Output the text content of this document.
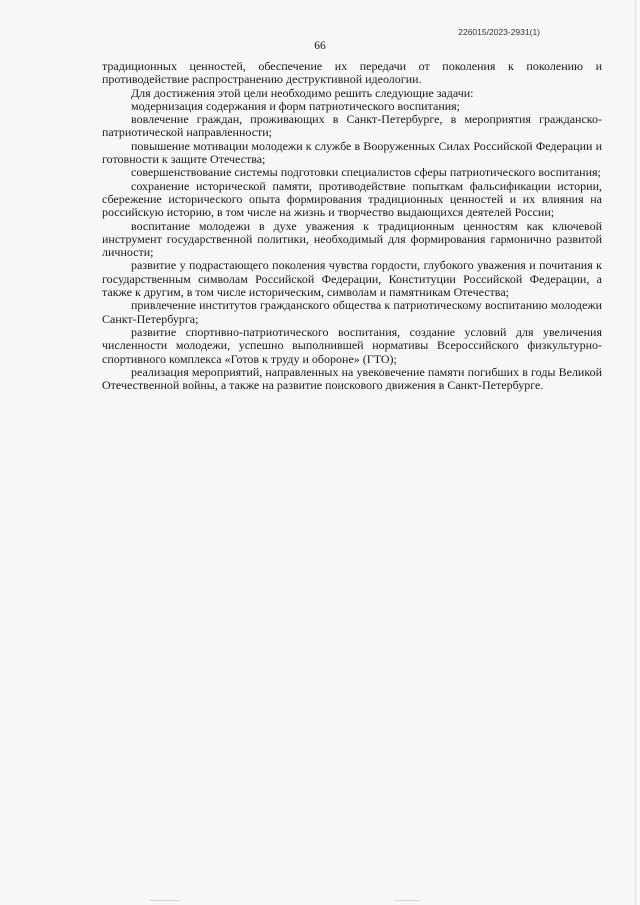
226015/2023-2931(1)
66

традиционных ценностей, обеспечение их передачи от поколения к поколению и противодействие распространению деструктивной идеологии.

Для достижения этой цели необходимо решить следующие задачи:

модернизация содержания и форм патриотического воспитания;

вовлечение граждан, проживающих в Санкт-Петербурге, в мероприятия гражданско-патриотической направленности;

повышение мотивации молодежи к службе в Вооруженных Силах Российской Федерации и готовности к защите Отечества;

совершенствование системы подготовки специалистов сферы патриотического воспитания;

сохранение исторической памяти, противодействие попыткам фальсификации истории, сбережение исторического опыта формирования традиционных ценностей и их влияния на российскую историю, в том числе на жизнь и творчество выдающихся деятелей России;

воспитание молодежи в духе уважения к традиционным ценностям как ключевой инструмент государственной политики, необходимый для формирования гармонично развитой личности;

развитие у подрастающего поколения чувства гордости, глубокого уважения и почитания к государственным символам Российской Федерации, Конституции Российской Федерации, а также к другим, в том числе историческим, символам и памятникам Отечества;

привлечение институтов гражданского общества к патриотическому воспитанию молодежи Санкт-Петербурга;

развитие спортивно-патриотического воспитания, создание условий для увеличения численности молодежи, успешно выполнившей нормативы Всероссийского физкультурно-спортивного комплекса «Готов к труду и обороне» (ГТО);

реализация мероприятий, направленных на увековечение памяти погибших в годы Великой Отечественной войны, а также на развитие поискового движения в Санкт-Петербурге.
